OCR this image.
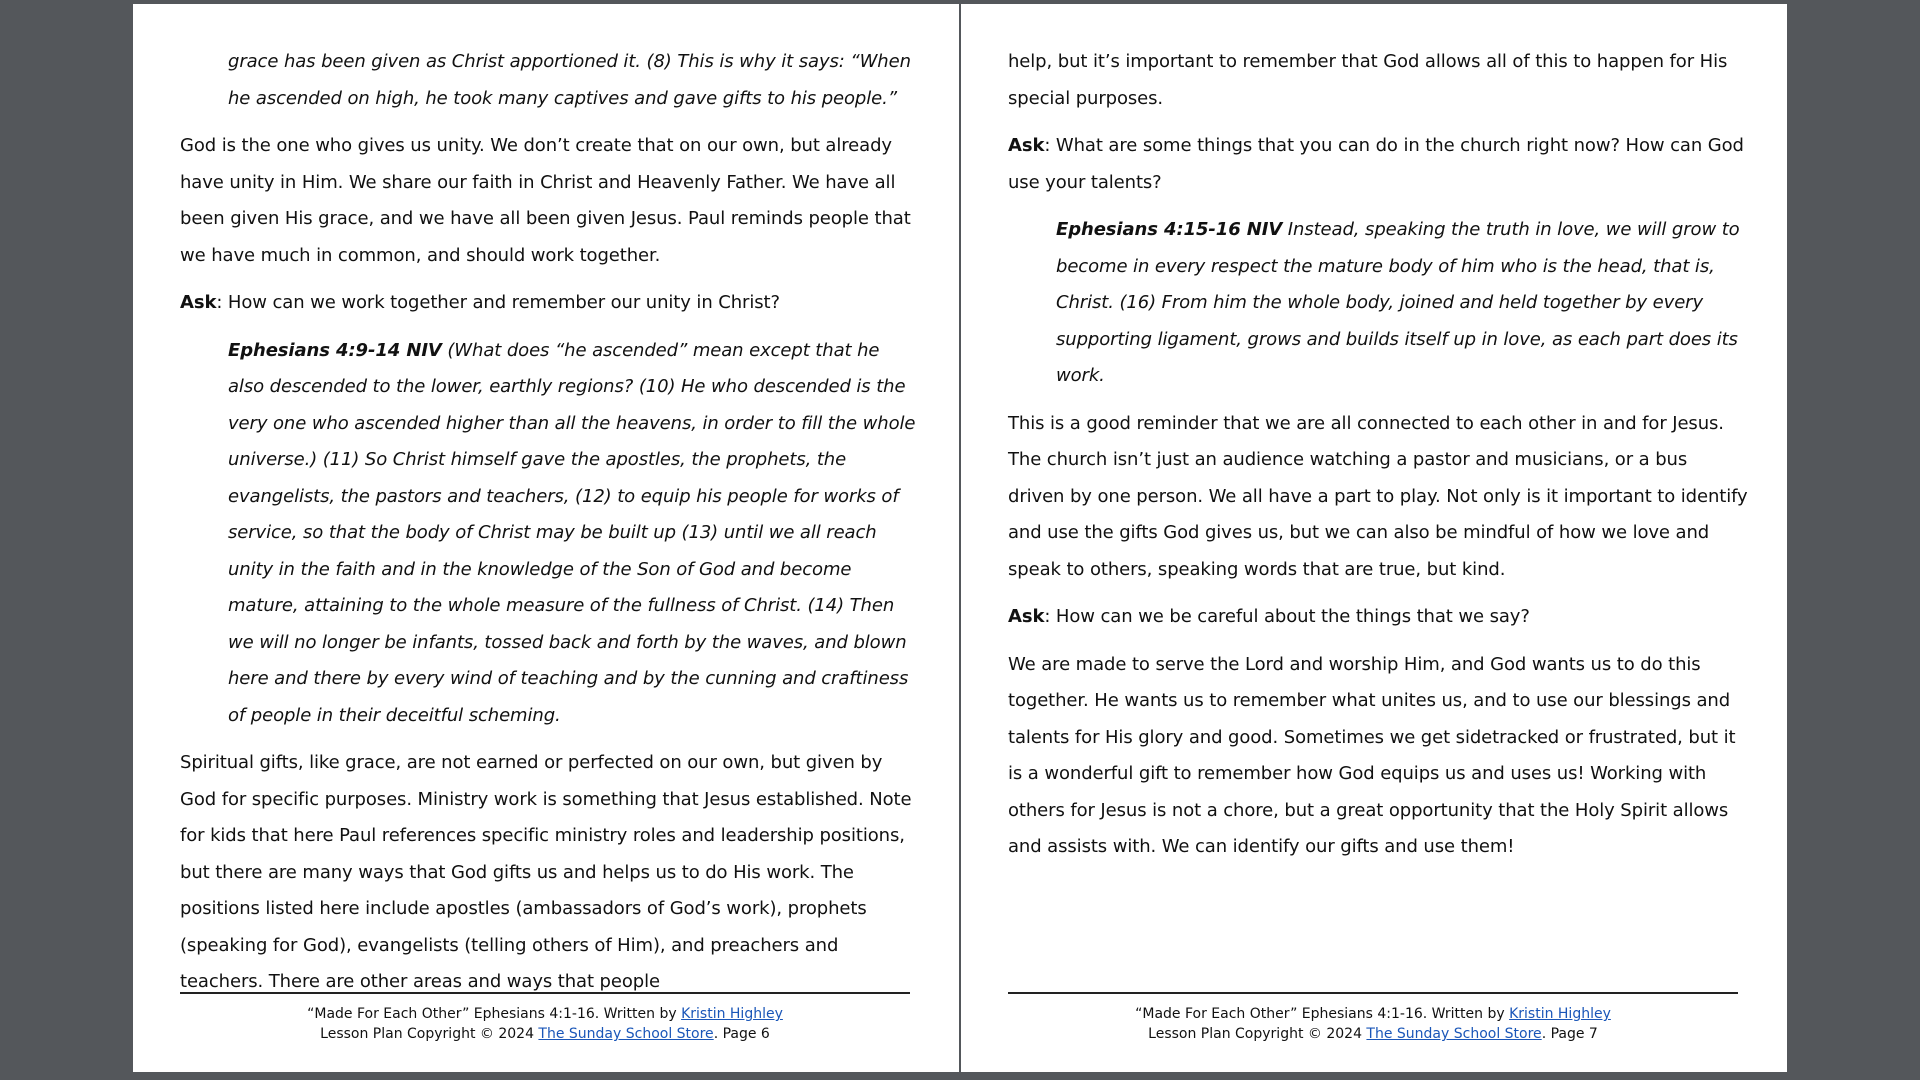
grace has been given as Christ apportioned it. (8) This is why it says: “When he ascended on high, he took many captives and gave gifts to his people.”

God is the one who gives us unity. We don’t create that on our own, but already have unity in Him. We share our faith in Christ and Heavenly Father. We have all been given His grace, and we have all been given Jesus. Paul reminds people that we have much in common, and should work together.

Ask: How can we work together and remember our unity in Christ?

Ephesians 4:9-14 NIV (What does “he ascended” mean except that he also descended to the lower, earthly regions? (10) He who descended is the very one who ascended higher than all the heavens, in order to fill the whole universe.) (11) So Christ himself gave the apostles, the prophets, the evangelists, the pastors and teachers, (12) to equip his people for works of service, so that the body of Christ may be built up (13) until we all reach unity in the faith and in the knowledge of the Son of God and become mature, attaining to the whole measure of the fullness of Christ. (14) Then we will no longer be infants, tossed back and forth by the waves, and blown here and there by every wind of teaching and by the cunning and craftiness of people in their deceitful scheming.

Spiritual gifts, like grace, are not earned or perfected on our own, but given by God for specific purposes. Ministry work is something that Jesus established. Note for kids that here Paul references specific ministry roles and leadership positions, but there are many ways that God gifts us and helps us to do His work. The positions listed here include apostles (ambassadors of God’s work), prophets (speaking for God), evangelists (telling others of Him), and preachers and teachers. There are other areas and ways that people

“Made For Each Other” Ephesians 4:1-16. Written by Kristin Highley
Lesson Plan Copyright © 2024 The Sunday School Store. Page 6

help, but it’s important to remember that God allows all of this to happen for His special purposes.

Ask: What are some things that you can do in the church right now? How can God use your talents?

Ephesians 4:15-16 NIV Instead, speaking the truth in love, we will grow to become in every respect the mature body of him who is the head, that is, Christ. (16) From him the whole body, joined and held together by every supporting ligament, grows and builds itself up in love, as each part does its work.

This is a good reminder that we are all connected to each other in and for Jesus. The church isn’t just an audience watching a pastor and musicians, or a bus driven by one person. We all have a part to play. Not only is it important to identify and use the gifts God gives us, but we can also be mindful of how we love and speak to others, speaking words that are true, but kind.

Ask: How can we be careful about the things that we say?

We are made to serve the Lord and worship Him, and God wants us to do this together. He wants us to remember what unites us, and to use our blessings and talents for His glory and good. Sometimes we get sidetracked or frustrated, but it is a wonderful gift to remember how God equips us and uses us! Working with others for Jesus is not a chore, but a great opportunity that the Holy Spirit allows and assists with. We can identify our gifts and use them!

“Made For Each Other” Ephesians 4:1-16. Written by Kristin Highley
Lesson Plan Copyright © 2024 The Sunday School Store. Page 7
